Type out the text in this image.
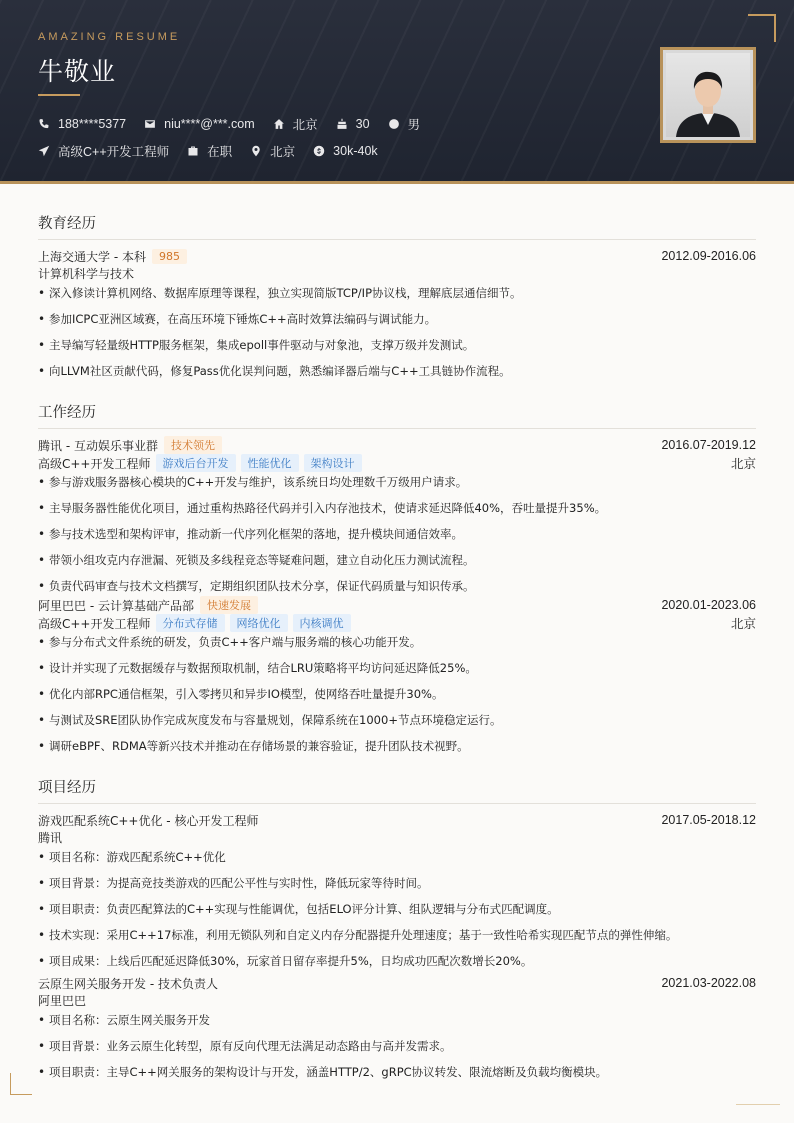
AMAZING RESUME
牛敬业
188****5377	niu****@***.com	北京	30	男
高级C++开发工程师	在职	北京	30k-40k
教育经历
上海交通大学 - 本科	985	2012.09-2016.06
计算机科学与技术
• 深入修读计算机网络、数据库原理等课程，独立实现简版TCP/IP协议栈，理解底层通信细节。
• 参加ICPC亚洲区域赛，在高压环境下锤炼C++高时效算法编码与调试能力。
• 主导编写轻量级HTTP服务框架，集成epoll事件驱动与对象池，支撑万级并发测试。
• 向LLVM社区贡献代码，修复Pass优化误判问题，熟悉编译器后端与C++工具链协作流程。
工作经历
腾讯 - 互动娱乐事业群	技术领先	2016.07-2019.12
高级C++开发工程师	游戏后台开发	性能优化	架构设计	北京
• 参与游戏服务器核心模块的C++开发与维护，该系统日均处理数千万级用户请求。
• 主导服务器性能优化项目，通过重构热路径代码并引入内存池技术，使请求延迟降低40%，吞吐量提升35%。
• 参与技术选型和架构评审，推动新一代序列化框架的落地，提升模块间通信效率。
• 带领小组攻克内存泄漏、死锁及多线程竞态等疑难问题，建立自动化压力测试流程。
• 负责代码审查与技术文档撰写，定期组织团队技术分享，保证代码质量与知识传承。
阿里巴巴 - 云计算基础产品部	快速发展	2020.01-2023.06
高级C++开发工程师	分布式存储	网络优化	内核调优	北京
• 参与分布式文件系统的研发，负责C++客户端与服务端的核心功能开发。
• 设计并实现了元数据缓存与数据预取机制，结合LRU策略将平均访问延迟降低25%。
• 优化内部RPC通信框架，引入零拷贝和异步IO模型，使网络吞吐量提升30%。
• 与测试及SRE团队协作完成灰度发布与容量规划，保障系统在1000+节点环境稳定运行。
• 调研eBPF、RDMA等新兴技术并推动在存储场景的兼容验证，提升团队技术视野。
项目经历
游戏匹配系统C++优化 - 核心开发工程师	2017.05-2018.12
腾讯
• 项目名称：游戏匹配系统C++优化
• 项目背景：为提高竞技类游戏的匹配公平性与实时性，降低玩家等待时间。
• 项目职责：负责匹配算法的C++实现与性能调优，包括ELO评分计算、组队逻辑与分布式匹配调度。
• 技术实现：采用C++17标准，利用无锁队列和自定义内存分配器提升处理速度；基于一致性哈希实现匹配节点的弹性伸缩。
• 项目成果：上线后匹配延迟降低30%，玩家首日留存率提升5%，日均成功匹配次数增长20%。
云原生网关服务开发 - 技术负责人	2021.03-2022.08
阿里巴巴
• 项目名称：云原生网关服务开发
• 项目背景：业务云原生化转型，原有反向代理无法满足动态路由与高并发需求。
• 项目职责：主导C++网关服务的架构设计与开发，涵盖HTTP/2、gRPC协议转发、限流熔断及负载均衡模块。
